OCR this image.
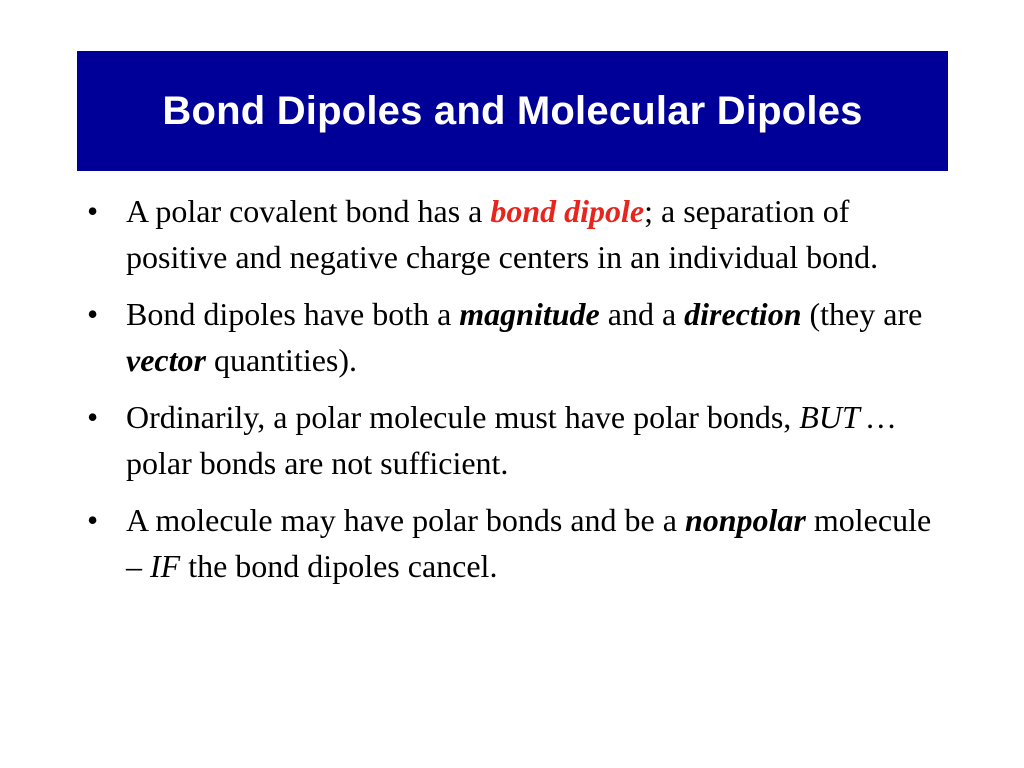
Bond Dipoles and Molecular Dipoles
• A polar covalent bond has a bond dipole; a separation of positive and negative charge centers in an individual bond.
• Bond dipoles have both a magnitude and a direction (they are vector quantities).
• Ordinarily, a polar molecule must have polar bonds, BUT … polar bonds are not sufficient.
• A molecule may have polar bonds and be a nonpolar molecule – IF the bond dipoles cancel.
